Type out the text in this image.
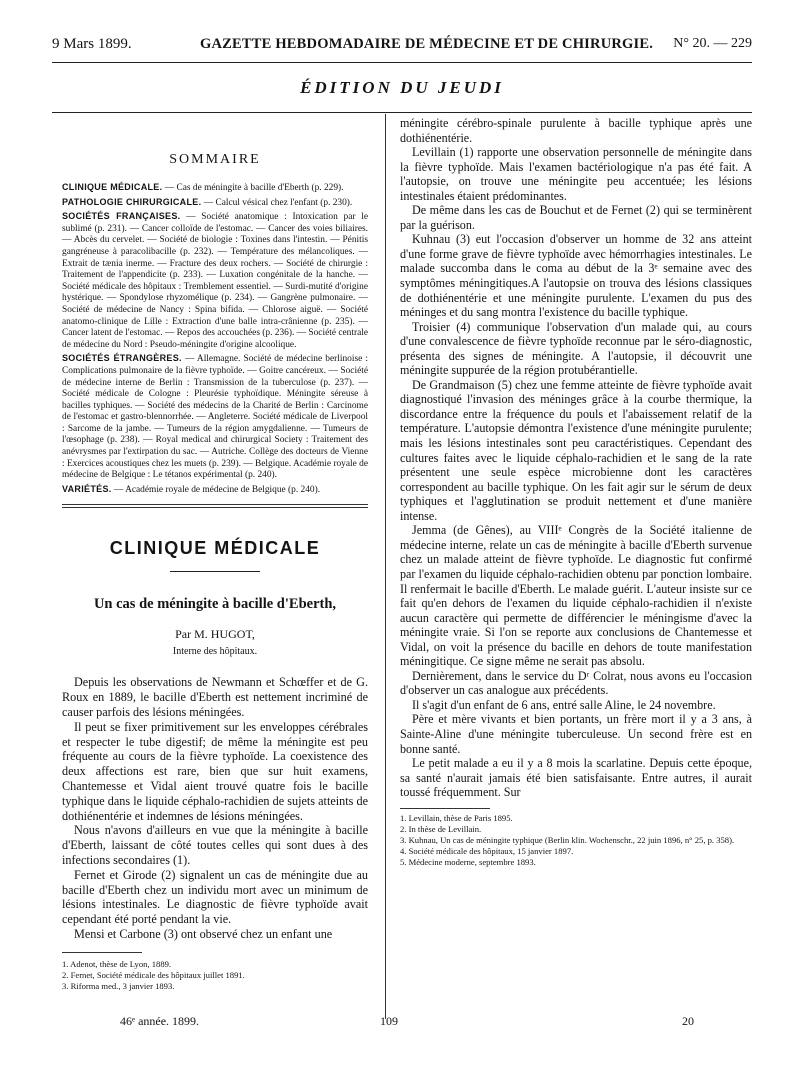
9 Mars 1899.	GAZETTE HEBDOMADAIRE DE MÉDECINE ET DE CHIRURGIE. N° 20. — 229
ÉDITION DU JEUDI
SOMMAIRE

CLINIQUE MÉDICALE. — Cas de méningite à bacille d'Eberth (p. 229).

PATHOLOGIE CHIRURGICALE. — Calcul vésical chez l'enfant (p. 230).

SOCIÉTÉS FRANÇAISES. — Société anatomique : Intoxication par le sublimé (p. 231). — Cancer colloïde de l'estomac. — Cancer des voies biliaires. — Abcès du cervelet. — Société de biologie : Toxines dans l'intestin. — Pénitis gangréneuse à paracolibacille (p. 232). — Température des mélancoliques. — Extrait de tænia inerme. — Fracture des deux rochers. — Société de chirurgie : Traitement de l'appendicite (p. 233). — Luxation congénitale de la hanche. — Société médicale des hôpitaux : Tremblement essentiel. — Surdi-mutité d'origine hystérique. — Spondylose rhyzomélique (p. 234). — Gangrène pulmonaire. — Société de médecine de Nancy : Spina bifida. — Chlorose aiguë. — Société anatomo-clinique de Lille : Extraction d'une balle intra-crânienne (p. 235). — Cancer latent de l'estomac. — Repos des accouchées (p. 236). — Société centrale de médecine du Nord : Pseudo-méningite d'origine alcoolique.

SOCIÉTÉS ÉTRANGÈRES. — Allemagne. Société de médecine berlinoise : Complications pulmonaire de la fièvre typhoïde. — Goitre cancéreux. — Société de médecine interne de Berlin : Transmission de la tuberculose (p. 237). — Société médicale de Cologne : Pleurésie typhoïdique. Méningite séreuse à bacilles typhiques. — Société des médecins de la Charité de Berlin : Carcinome de l'estomac et gastro-blennorrhée. — Angleterre. Société médicale de Liverpool : Sarcome de la jambe. — Tumeurs de la région amygdalienne. — Tumeurs de l'œsophage (p. 238). — Royal medical and chirurgical Society : Traitement des anévrysmes par l'extirpation du sac. — Autriche. Collège des docteurs de Vienne : Exercices acoustiques chez les muets (p. 239). — Belgique. Académie royale de médecine de Belgique : Le tétanos expérimental (p. 240).

VARIÉTÉS. — Académie royale de médecine de Belgique (p. 240).

CLINIQUE MÉDICALE
Un cas de méningite à bacille d'Eberth,
Par M. HUGOT,
Interne des hôpitaux.

Depuis les observations de Newmann et Schœffer et de G. Roux en 1889, le bacille d'Eberth est nettement incriminé de causer parfois des lésions méningées.

Il peut se fixer primitivement sur les enveloppes cérébrales et respecter le tube digestif; de même la méningite est peu fréquente au cours de la fièvre typhoïde. La coexistence des deux affections est rare, bien que sur huit examens, Chantemesse et Vidal aient trouvé quatre fois le bacille typhique dans le liquide céphalo-rachidien de sujets atteints de dothiénentérie et indemnes de lésions méningées.

Nous n'avons d'ailleurs en vue que la méningite à bacille d'Eberth, laissant de côté toutes celles qui sont dues à des infections secondaires (1).

Fernet et Girode (2) signalent un cas de méningite due au bacille d'Eberth chez un individu mort avec un minimum de lésions intestinales. Le diagnostic de fièvre typhoïde avait cependant été porté pendant la vie.

Mensi et Carbone (3) ont observé chez un enfant une

1. Adenot, thèse de Lyon, 1889.

2. Fernet, Société médicale des hôpitaux juillet 1891.

3. Riforma med., 3 janvier 1893.

méningite cérébro-spinale purulente à bacille typhique après une dothiénentérie.

Levillain (1) rapporte une observation personnelle de méningite dans la fièvre typhoïde. Mais l'examen bactériologique n'a pas été fait. A l'autopsie, on trouve une méningite peu accentuée; les lésions intestinales étaient prédominantes.

De même dans les cas de Bouchut et de Fernet (2) qui se terminèrent par la guérison.

Kuhnau (3) eut l'occasion d'observer un homme de 32 ans atteint d'une forme grave de fièvre typhoïde avec hémorrhagies intestinales. Le malade succomba dans le coma au début de la 3ᵉ semaine avec des symptômes méningitiques.A l'autopsie on trouva des lésions classiques de dothiénentérie et une méningite purulente. L'examen du pus des méninges et du sang montra l'existence du bacille typhique.

Troisier (4) communique l'observation d'un malade qui, au cours d'une convalescence de fièvre typhoïde reconnue par le séro-diagnostic, présenta des signes de méningite. A l'autopsie, il découvrit une méningite suppurée de la région protubérantielle.

De Grandmaison (5) chez une femme atteinte de fièvre typhoïde avait diagnostiqué l'invasion des méninges grâce à la courbe thermique, la discordance entre la fréquence du pouls et l'abaissement relatif de la température. L'autopsie démontra l'existence d'une méningite purulente; mais les lésions intestinales sont peu caractéristiques. Cependant des cultures faites avec le liquide céphalo-rachidien et le sang de la rate présentent une seule espèce microbienne dont les caractères correspondent au bacille typhique. On les fait agir sur le sérum de deux typhiques et l'agglutination se produit nettement et d'une manière intense.

Jemma (de Gênes), au VIIIᵉ Congrès de la Société italienne de médecine interne, relate un cas de méningite à bacille d'Eberth survenue chez un malade atteint de fièvre typhoïde. Le diagnostic fut confirmé par l'examen du liquide céphalo-rachidien obtenu par ponction lombaire. Il renfermait le bacille d'Eberth. Le malade guérit. L'auteur insiste sur ce fait qu'en dehors de l'examen du liquide céphalo-rachidien il n'existe aucun caractère qui permette de différencier le méningisme d'avec la méningite vraie. Si l'on se reporte aux conclusions de Chantemesse et Vidal, on voit la présence du bacille en dehors de toute manifestation méningitique. Ce signe même ne serait pas absolu.

Dernièrement, dans le service du Dʳ Colrat, nous avons eu l'occasion d'observer un cas analogue aux précédents.

Il s'agit d'un enfant de 6 ans, entré salle Aline, le 24 novembre.

Père et mère vivants et bien portants, un frère mort il y a 3 ans, à Sainte-Aline d'une méningite tuberculeuse. Un second frère est en bonne santé.

Le petit malade a eu il y a 8 mois la scarlatine. Depuis cette époque, sa santé n'aurait jamais été bien satisfaisante. Entre autres, il aurait toussé fréquemment. Sur

1. Levillain, thèse de Paris 1895.

2. In thèse de Levillain.

3. Kuhnau, Un cas de méningite typhique (Berlin klin. Wochenschr., 22 juin 1896, n° 25, p. 358).

4. Société médicale des hôpitaux, 15 janvier 1897.

5. Médecine moderne, septembre 1893.

46ᵉ année. 1899.	109	20
